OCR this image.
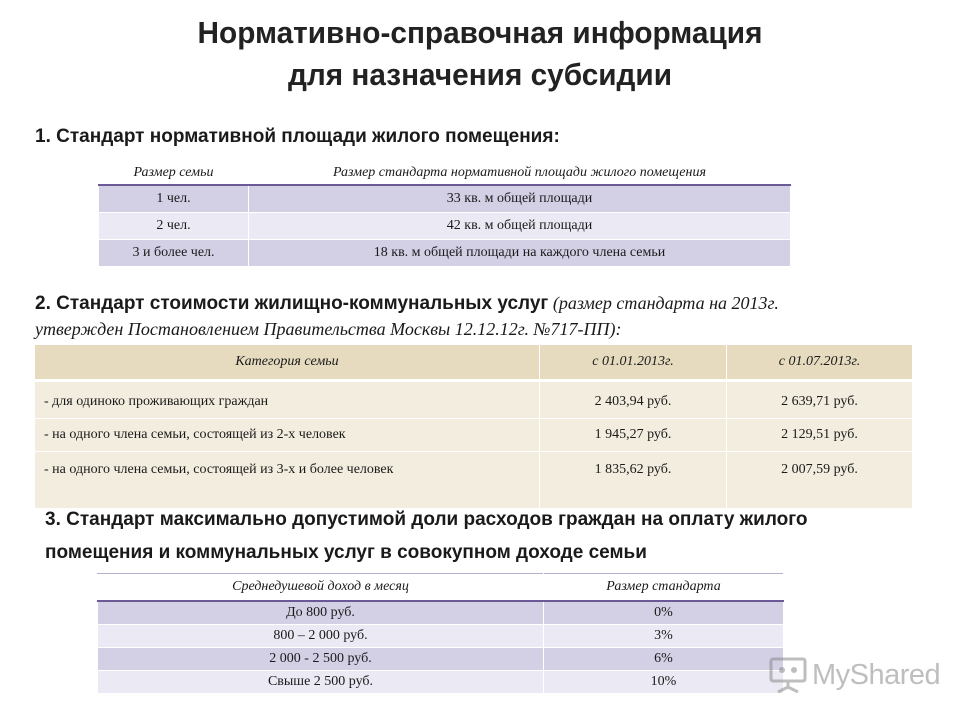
Нормативно-справочная информация
для назначения субсидии
1. Стандарт нормативной площади жилого помещения:
Размер семьи	Размер стандарта нормативной площади жилого помещения
1 чел.	33 кв. м общей площади
2 чел.	42 кв. м общей площади
3 и более чел.	18 кв. м общей площади на каждого члена семьи
2. Стандарт стоимости жилищно-коммунальных услуг (размер стандарта на 2013г.
утвержден Постановлением Правительства Москвы 12.12.12г. №717-ПП):
Категория семьи	с 01.01.2013г.	с 01.07.2013г.
- для одиноко проживающих граждан	2 403,94 руб.	2 639,71 руб.
- на одного члена семьи, состоящей из 2-х человек	1 945,27 руб.	2 129,51 руб.
- на одного члена семьи, состоящей из 3-х и более человек	1 835,62 руб.	2 007,59 руб.
3. Стандарт максимально допустимой доли расходов граждан на оплату жилого
помещения и коммунальных услуг в совокупном доходе семьи
Среднедушевой доход в месяц	Размер стандарта
До 800 руб.	0%
800 – 2 000 руб.	3%
2 000 - 2 500 руб.	6%
Свыше 2 500 руб.	10%	MyShared
